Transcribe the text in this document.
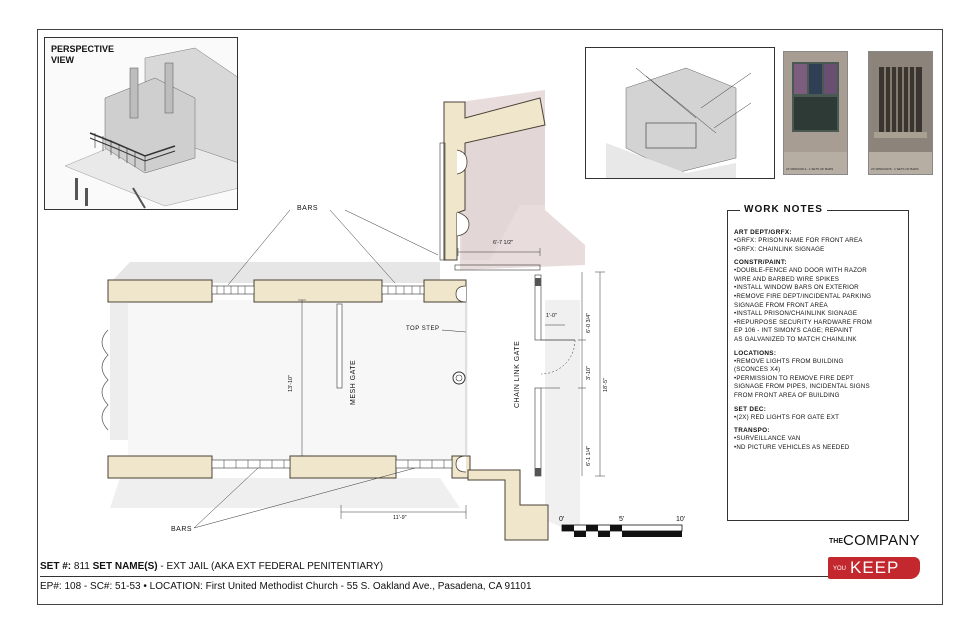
PERSPECTIVE
VIEW
2X WINDOW A - 1 SETS OF BARS	2X WINDOW B - 1 SETS OF BARS
BARS
BARS
TOP STEP
MESH GATE	CHAIN LINK GATE
6'-7 1/2"
1'-0"	6'-0 3/4"
3'-10"
6'-1 1/4"
18'-5"
13'-10"
11'-9"	0'	5'	10'
WORK NOTES
ART DEPT/GRFX:

•GRFX: PRISON NAME FOR FRONT AREA
•GRFX: CHAINLINK SIGNAGE

CONSTR/PAINT:

•DOUBLE-FENCE AND DOOR WITH RAZOR
WIRE AND BARBED WIRE SPIKES
•INSTALL WINDOW BARS ON EXTERIOR
•REMOVE FIRE DEPT/INCIDENTAL PARKING
SIGNAGE FROM FRONT AREA
•INSTALL PRISON/CHAINLINK SIGNAGE
•REPURPOSE SECURITY HARDWARE FROM
EP 106 - INT SIMON'S CAGE; REPAINT
AS GALVANIZED TO MATCH CHAINLINK

LOCATIONS:

•REMOVE LIGHTS FROM BUILDING
(SCONCES X4)
•PERMISSION TO REMOVE FIRE DEPT
SIGNAGE FROM PIPES, INCIDENTAL SIGNS
FROM FRONT AREA OF BUILDING

SET DEC:

•(2X) RED LIGHTS FOR GATE EXT

TRANSPO:

•SURVEILLANCE VAN
•ND PICTURE VEHICLES AS NEEDED

SET #: 811 SET NAME(S) - EXT JAIL (AKA EXT FEDERAL PENITENTIARY)
EP#: 108 - SC#: 51-53 • LOCATION: First United Methodist Church - 55 S. Oakland Ave., Pasadena, CA 91101
THE COMPANY
YOU KEEP
